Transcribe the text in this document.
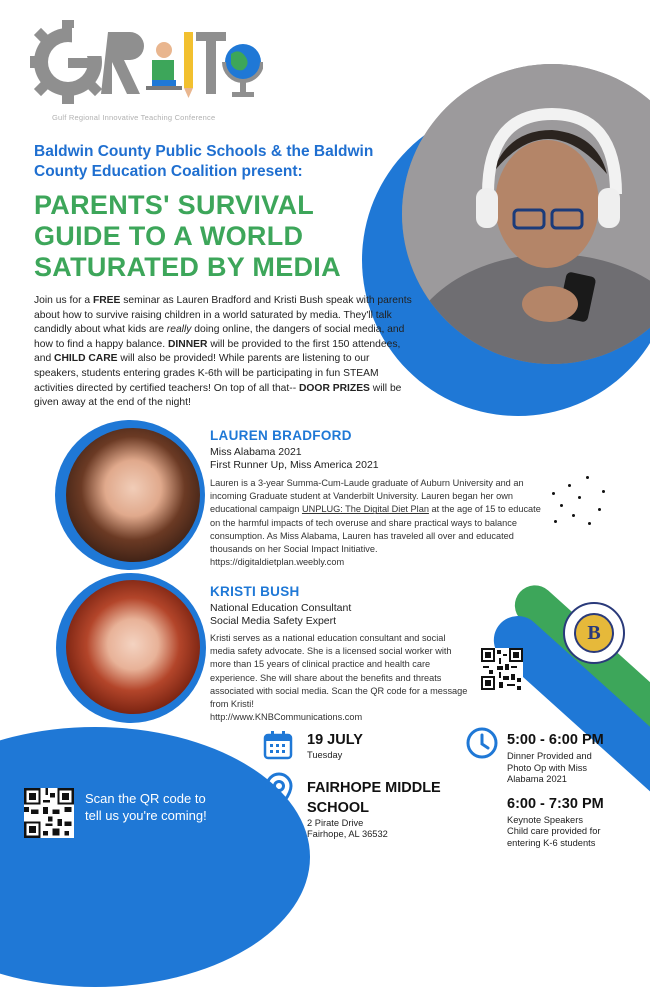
Gulf Regional Innovative Teaching Conference
Baldwin County Public Schools & the Baldwin County Education Coalition present:
PARENTS' SURVIVAL GUIDE TO A WORLD SATURATED BY MEDIA
Join us for a FREE seminar as Lauren Bradford and Kristi Bush speak with parents about how to survive raising children in a world saturated by media. They'll talk candidly about what kids are really doing online, the dangers of social media, and how to find a happy balance. DINNER will be provided to the first 150 attendees, and CHILD CARE will also be provided! While parents are listening to our speakers, students entering grades K-6th will be participating in fun STEAM activities directed by certified teachers! On top of all that-- DOOR PRIZES will be given away at the end of the night!
LAUREN BRADFORD
Miss Alabama 2021
First Runner Up, Miss America 2021
Lauren is a 3-year Summa-Cum-Laude graduate of Auburn University and an incoming Graduate student at Vanderbilt University. Lauren began her own educational campaign UNPLUG: The Digital Diet Plan at the age of 15 to educate on the harmful impacts of tech overuse and share practical ways to balance consumption. As Miss Alabama, Lauren has traveled all over and educated thousands on her Social Impact Initiative.
https://digitaldietplan.weebly.com
B
KRISTI BUSH
National Education Consultant
Social Media Safety Expert
Kristi serves as a national education consultant and social media safety advocate. She is a licensed social worker with more than 15 years of clinical practice and health care experience. She will share about the benefits and threats associated with social media. Scan the QR code for a message from Kristi!
http://www.KNBCommunications.com
Scan the QR code to tell us you're coming!
19 JULY
Tuesday
FAIRHOPE MIDDLE SCHOOL
2 Pirate Drive
Fairhope, AL 36532
5:00 - 6:00 PM
Dinner Provided and Photo Op with Miss Alabama 2021
6:00 - 7:30 PM
Keynote Speakers
Child care provided for entering K-6 students
